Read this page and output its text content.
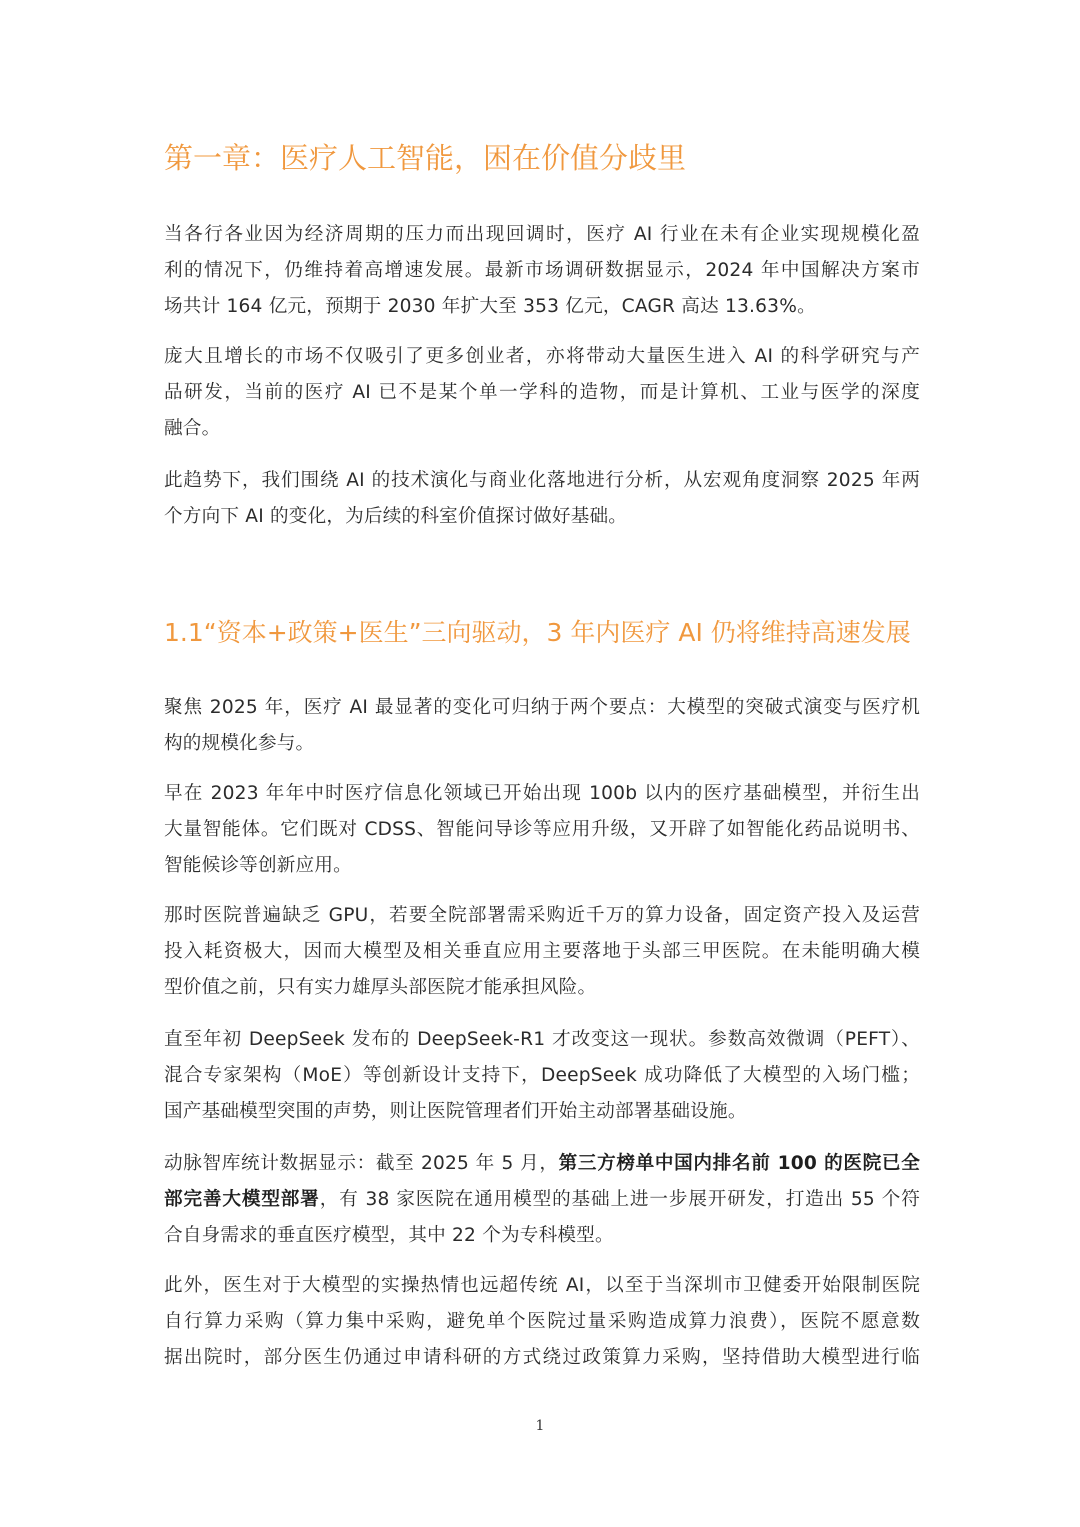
第一章：医疗人工智能，困在价值分歧里

当各行各业因为经济周期的压力而出现回调时，医疗 AI 行业在未有企业实现规模化盈
利的情况下，仍维持着高增速发展。最新市场调研数据显示，2024 年中国解决方案市
场共计 164 亿元，预期于 2030 年扩大至 353 亿元，CAGR 高达 13.63%。

庞大且增长的市场不仅吸引了更多创业者，亦将带动大量医生进入 AI 的科学研究与产
品研发，当前的医疗 AI 已不是某个单一学科的造物，而是计算机、工业与医学的深度
融合。

此趋势下，我们围绕 AI 的技术演化与商业化落地进行分析，从宏观角度洞察 2025 年两
个方向下 AI 的变化，为后续的科室价值探讨做好基础。

1.1“资本+政策+医生”三向驱动，3 年内医疗 AI 仍将维持高速发展

聚焦 2025 年，医疗 AI 最显著的变化可归纳于两个要点：大模型的突破式演变与医疗机
构的规模化参与。

早在 2023 年年中时医疗信息化领域已开始出现 100b 以内的医疗基础模型，并衍生出
大量智能体。它们既对 CDSS、智能问导诊等应用升级，又开辟了如智能化药品说明书、
智能候诊等创新应用。

那时医院普遍缺乏 GPU，若要全院部署需采购近千万的算力设备，固定资产投入及运营
投入耗资极大，因而大模型及相关垂直应用主要落地于头部三甲医院。在未能明确大模
型价值之前，只有实力雄厚头部医院才能承担风险。

直至年初 DeepSeek 发布的 DeepSeek-R1 才改变这一现状。参数高效微调（PEFT）、
混合专家架构（MoE）等创新设计支持下，DeepSeek 成功降低了大模型的入场门槛；
国产基础模型突围的声势，则让医院管理者们开始主动部署基础设施。

动脉智库统计数据显示：截至 2025 年 5 月，第三方榜单中国内排名前 100 的医院已全
部完善大模型部署，有 38 家医院在通用模型的基础上进一步展开研发，打造出 55 个符
合自身需求的垂直医疗模型，其中 22 个为专科模型。

此外，医生对于大模型的实操热情也远超传统 AI，以至于当深圳市卫健委开始限制医院
自行算力采购（算力集中采购，避免单个医院过量采购造成算力浪费），医院不愿意数
据出院时，部分医生仍通过申请科研的方式绕过政策算力采购，坚持借助大模型进行临

1
